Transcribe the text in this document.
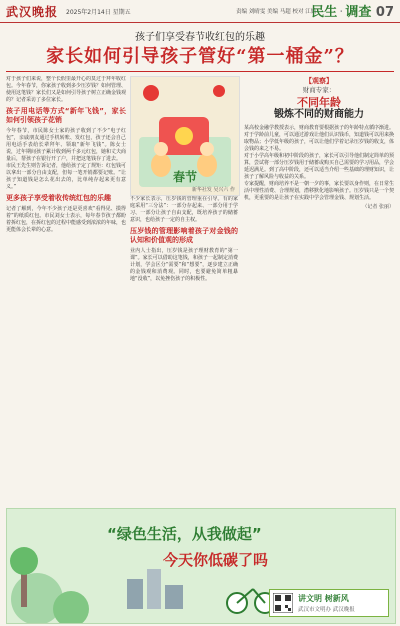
武汉晚报 2025年2月14日 星期五	责编 刘晴雯 美编 马超 校对 江婧
民生 · 调查 07
孩子们享受春节收红包的乐趣
家长如何引导孩子管好“第一桶金”？
对于孩子们来说，整个长假里最开心的莫过于拜年收红包。今年春节，你家孩子收到多少压岁钱？如何管理、使用这笔钱？家长们又是如何引导孩子树立正确金钱观的？记者采访了多位家长。
孩子用电话等方式“新年飞钱”，家长如何引领孩子花销
今年春节，市民陈女士家的孩子收到了不少“电子红包”，亲戚朋友通过手机转账、发红包，孩子还会自己用电话手表给长辈拜年、领取“新年飞钱”。陈女士说，过年期间孩子累计收到两千多元红包，她和丈夫商量后，帮孩子在银行开了户，并把这笔钱存了进去。
市民王先生则告诉记者，他给孩子定了规矩：红包钱可以拿出一部分自由支配，但每一笔开销都要记账。“让孩子知道钱是怎么花出去的，比单纯存起来更有意义。”
更多孩子享受着收传统红包的乐趣
记者了解到，今年不少孩子还是更喜欢“看得见、摸得着”的纸质红包。市民刘女士表示，每年春节孩子都盼着拆红包，在拆红包的过程中能感受到浓浓的年味，也更能体会长辈的心意。
春节
新华社发 吴兴六 作
不少家长表示，压岁钱的管理重在引导。有的家庭采用“三分法”：一部分存起来、一部分用于学习、一部分让孩子自由支配，既培养孩子的储蓄意识，也给孩子一定的自主权。
压岁钱的管理影响着孩子对金钱的认知和价值观的形成
业内人士指出，压岁钱是孩子理财教育的“第一课”。家长可以借助这笔钱，和孩子一起制定消费计划，学会区分“需要”和“想要”，逐步建立正确的金钱观和消费观。同时，也要避免简单粗暴地“没收”，以免挫伤孩子的积极性。
【观察】
财商专家：
不同年龄
锻炼不同的财商能力
某高校金融学教授表示，财商教育要根据孩子的年龄特点循序渐进。对于学龄前儿童，可以通过游戏让他们认识钱币，知道钱可以用来换取物品；小学低年级的孩子，可以让他们学着记录压岁钱的收支，体会钱的来之不易。
对于小学高年级和初中阶段的孩子，家长可以引导他们制定简单的预算，尝试将一部分压岁钱用于储蓄或购买自己需要的学习用品，学会延迟满足。到了高中阶段，还可以适当介绍一些基础的理财知识，让孩子了解风险与收益的关系。
专家提醒，财商培养不是一朝一夕的事，家长要以身作则，在日常生活中理性消费、合理规划，潜移默化地影响孩子。压岁钱只是一个契机，更重要的是让孩子在实践中学会管理金钱、规划生活。
（记者 张丽）
“绿色生活，从我做起”
今天你低碳了吗
讲文明 树新风
武汉市文明办 武汉晚报
